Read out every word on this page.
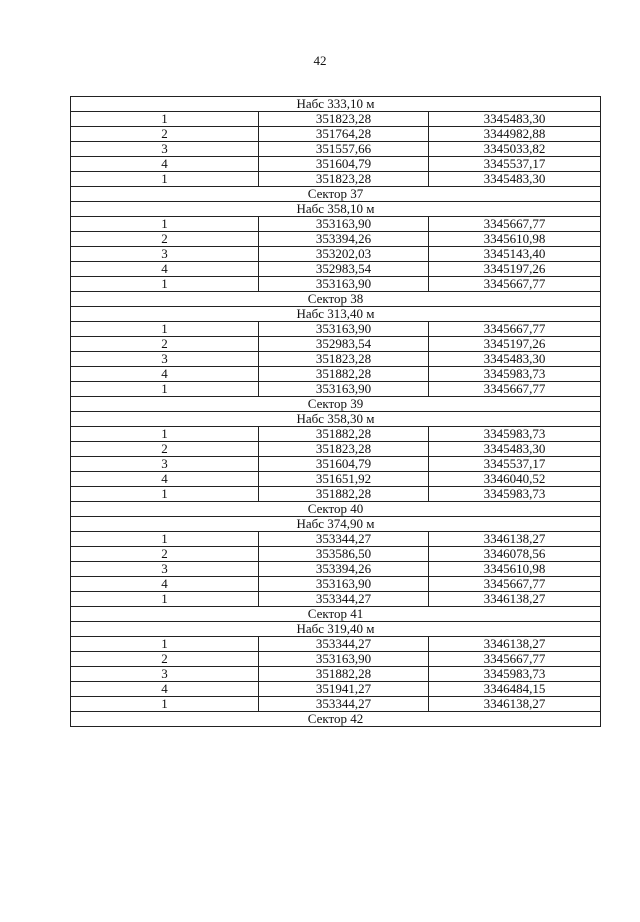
42
Набс 333,10 м		
1	351823,28	3345483,30
2	351764,28	3344982,88
3	351557,66	3345033,82
4	351604,79	3345537,17
1	351823,28	3345483,30
Сектор 37		
Набс 358,10 м		
1	353163,90	3345667,77
2	353394,26	3345610,98
3	353202,03	3345143,40
4	352983,54	3345197,26
1	353163,90	3345667,77
Сектор 38		
Набс 313,40 м		
1	353163,90	3345667,77
2	352983,54	3345197,26
3	351823,28	3345483,30
4	351882,28	3345983,73
1	353163,90	3345667,77
Сектор 39		
Набс 358,30 м		
1	351882,28	3345983,73
2	351823,28	3345483,30
3	351604,79	3345537,17
4	351651,92	3346040,52
1	351882,28	3345983,73
Сектор 40		
Набс 374,90 м		
1	353344,27	3346138,27
2	353586,50	3346078,56
3	353394,26	3345610,98
4	353163,90	3345667,77
1	353344,27	3346138,27
Сектор 41		
Набс 319,40 м		
1	353344,27	3346138,27
2	353163,90	3345667,77
3	351882,28	3345983,73
4	351941,27	3346484,15
1	353344,27	3346138,27
Сектор 42		
